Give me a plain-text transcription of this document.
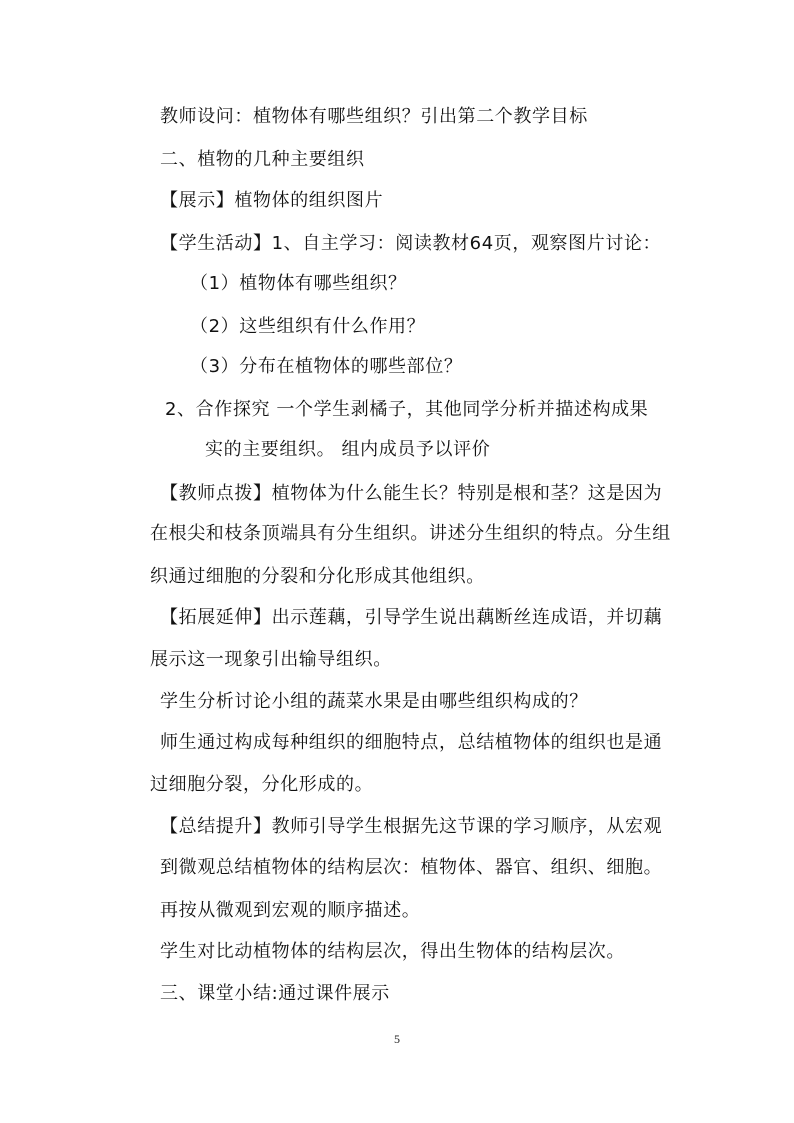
教师设问：植物体有哪些组织？引出第二个教学目标
二、植物的几种主要组织
【展示】植物体的组织图片
【学生活动】1、自主学习：阅读教材64页，观察图片讨论：
（1）植物体有哪些组织？
（2）这些组织有什么作用？
（3）分布在植物体的哪些部位？
2、合作探究 一个学生剥橘子，其他同学分析并描述构成果
实的主要组织。 组内成员予以评价
【教师点拨】植物体为什么能生长？特别是根和茎？这是因为
在根尖和枝条顶端具有分生组织。讲述分生组织的特点。分生组
织通过细胞的分裂和分化形成其他组织。
【拓展延伸】出示莲藕，引导学生说出藕断丝连成语，并切藕
展示这一现象引出输导组织。
学生分析讨论小组的蔬菜水果是由哪些组织构成的？
师生通过构成每种组织的细胞特点，总结植物体的组织也是通
过细胞分裂，分化形成的。
【总结提升】教师引导学生根据先这节课的学习顺序，从宏观
到微观总结植物体的结构层次：植物体、器官、组织、细胞。
再按从微观到宏观的顺序描述。
学生对比动植物体的结构层次，得出生物体的结构层次。
三、课堂小结:通过课件展示
5
